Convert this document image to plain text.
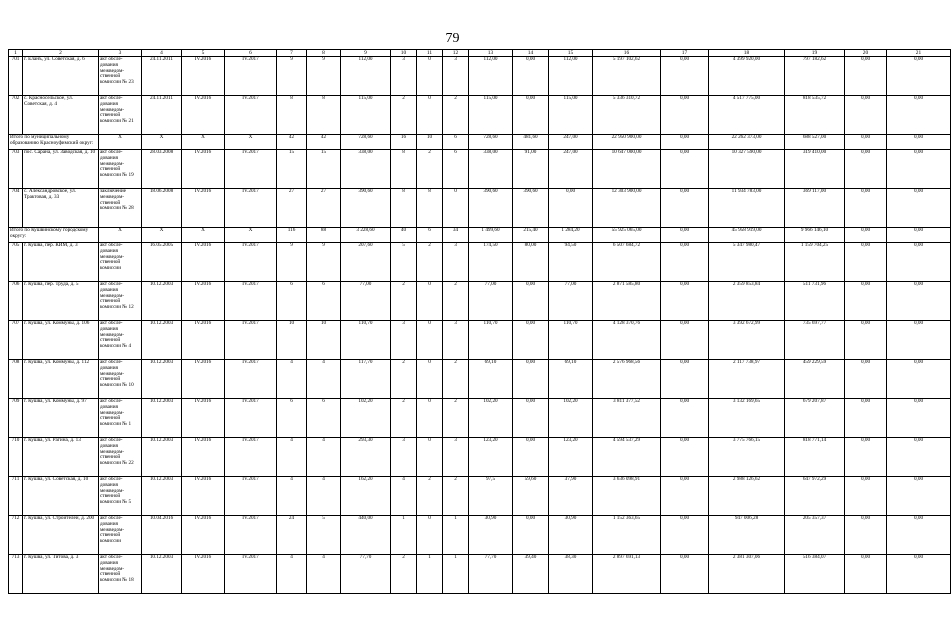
79
1	2	3	4	5	6	7	8	9	10	11	12	13	14	15	16	17	18	19	20	21
701	г. Еланъ, ул. Советская, д. 6	акт обсле-дования межведом-ственной комиссии № 23	24.11.2011	IV.2016	IV.2017	9	9	112,00	3	0	3	112,00	0,00	112,00	5 197 102,62	0,00	4 399 920,00	797 182,62	0,00	0,00
702	с. Красносельское, ул. Советская, д. 4	акт обсле-дования межведом-ственной комиссии № 21	24.11.2011	IV.2016	IV.2017	8	8	115,00	2	0	2	115,00	0,00	115,00	5 336 310,72	0,00	4 517 775,00	818 535,72	0,00	0,00
Итого по муниципальному образованию Красноуфимский округ:		X	X	X	X	42	42	728,60	16	10	6	728,60	481,60	247,00	22 950 900,00	0,00	22 262 373,00	688 527,00	0,00	0,00
703	пос. Сарана, ул. Заводская, д. 10	акт обсле-дования межведом-ственной комиссии № 19	28.03.2008	IV.2016	IV.2017	15	15	338,00	8	2	6	338,00	91,00	247,00	10 647 000,00	0,00	10 327 590,00	319 410,00	0,00	0,00
704	с. Александровское, ул. Трактовая, д. 33	заключение межведом-ственной комиссии № 28	18.06.2008	IV.2016	IV.2017	27	27	390,60	8	8	0	390,60	390,60	0,00	12 303 900,00	0,00	11 934 783,00	369 117,00	0,00	0,00
Итого по Кушвинскому городскому округу:		X	X	X	X	116	88	3 228,60	40	6	34	1 499,60	215,40	1 284,20	55 925 065,00	0,00	45 958 919,00	9 966 146,10	0,00	0,00
705	г. Кушва, пер. КИМ, д. 3	акт обсле-дования межведом-ственной комиссии	16.05.2005	IV.2016	IV.2017	9	9	207,60	5	2	3	174,50	80,00	94,50	6 507 684,72	0,00	5 347 980,47	1 159 704,25	0,00	0,00
706	г. Кушва, пер. Труда, д. 5	акт обсле-дования межведом-ственной комиссии № 12	10.12.2003	IV.2016	IV.2017	6	6	77,00	2	0	2	77,00	0,00	77,00	2 871 585,80	0,00	2 359 853,84	511 731,96	0,00	0,00
707	г. Кушва, ул. Коммуны, д. 106	акт обсле-дования межведом-ственной комиссии № 4	10.12.2003	IV.2016	IV.2017	10	10	110,70	3	0	3	110,70	0,00	110,70	4 128 370,76	0,00	3 392 672,99	735 697,77	0,00	0,00
708	г. Кушва, ул. Коммуны, д. 112	акт обсле-дования межведом-ственной комиссии № 10	10.12.2003	IV.2016	IV.2017	4	4	117,70	2	0	2	69,10	0,00	69,10	2 576 968,56	0,00	2 117 738,97	459 229,59	0,00	0,00
709	г. Кушва, ул. Коммуны, д. 97	акт обсле-дования межведом-ственной комиссии № 1	10.12.2003	IV.2016	IV.2017	6	6	102,20	2	0	2	102,20	0,00	102,20	3 811 377,52	0,00	3 132 169,65	679 207,87	0,00	0,00
710	г. Кушва, ул. Рагина, д. 13	акт обсле-дования межведом-ственной комиссии № 22	10.12.2003	IV.2016	IV.2017	4	4	293,30	3	0	3	123,20	0,00	123,20	4 594 537,29	0,00	3 775 766,15	818 771,14	0,00	0,00
711	г. Кушва, ул. Советская, д. 10	акт обсле-дования межведом-ственной комиссии № 5	10.12.2003	IV.2016	IV.2017	4	4	162,20	4	2	2	97,5	59,60	37,90	3 636 098,91	0,00	2 988 126,62	647 972,29	0,00	0,00
712	г. Кушва, ул. Строителей, д. 200	акт обсле-дования межведом-ственной комиссии	10.04.2016	IV.2016	IV.2017	24	5	440,00	1	0	1	30,90	0,00	30,90	1 152 363,65	0,00	947 006,28	205 357,37	0,00	0,00
713	г. Кушва, ул. Титова, д. 3	акт обсле-дования межведом-ственной комиссии № 18	10.12.2003	IV.2016	IV.2017	4	4	77,70	2	1	1	77,70	39,40	38,30	2 897 691,13	0,00	2 381 307,06	516 384,07	0,00	0,00
